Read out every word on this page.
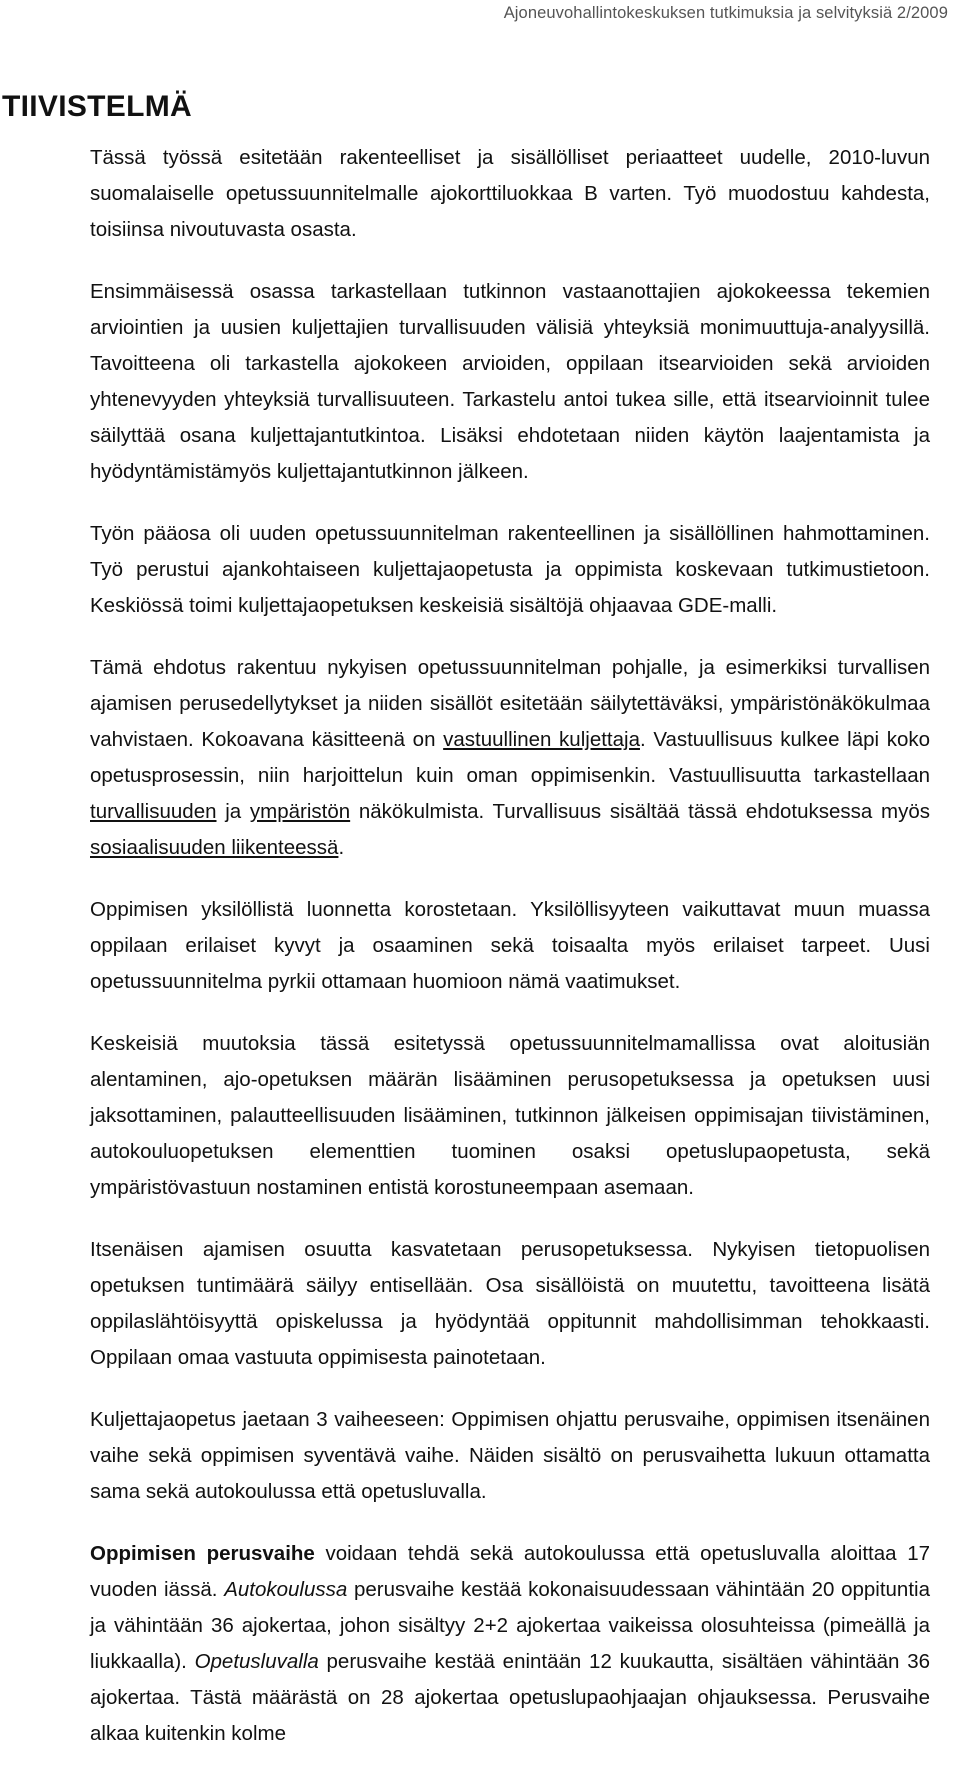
Ajoneuvohallintokeskuksen tutkimuksia ja selvityksiä 2/2009
TIIVISTELMÄ

Tässä työssä esitetään rakenteelliset ja sisällölliset periaatteet uudelle, 2010-luvun suomalaiselle opetussuunnitelmalle ajokorttiluokkaa B varten. Työ muodostuu kahdesta, toisiinsa nivoutuvasta osasta.

Ensimmäisessä osassa tarkastellaan tutkinnon vastaanottajien ajokokeessa tekemien arviointien ja uusien kuljettajien turvallisuuden välisiä yhteyksiä monimuuttuja-analyysillä. Tavoitteena oli tarkastella ajokokeen arvioiden, oppilaan itsearvioiden sekä arvioiden yhtenevyyden yhteyksiä turvallisuuteen. Tarkastelu antoi tukea sille, että itsearvioinnit tulee säilyttää osana kuljettajantutkintoa. Lisäksi ehdotetaan niiden käytön laajentamista ja hyödyntämistämyös kuljettajantutkinnon jälkeen.

Työn pääosa oli uuden opetussuunnitelman rakenteellinen ja sisällöllinen hahmottaminen. Työ perustui ajankohtaiseen kuljettajaopetusta ja oppimista koskevaan tutkimustietoon. Keskiössä toimi kuljettajaopetuksen keskeisiä sisältöjä ohjaavaa GDE-malli.

Tämä ehdotus rakentuu nykyisen opetussuunnitelman pohjalle, ja esimerkiksi turvallisen ajamisen perusedellytykset ja niiden sisällöt esitetään säilytettäväksi, ympäristönäkökulmaa vahvistaen. Kokoavana käsitteenä on vastuullinen kuljettaja. Vastuullisuus kulkee läpi koko opetusprosessin, niin harjoittelun kuin oman oppimisenkin. Vastuullisuutta tarkastellaan turvallisuuden ja ympäristön näkökulmista. Turvallisuus sisältää tässä ehdotuksessa myös sosiaalisuuden liikenteessä.

Oppimisen yksilöllistä luonnetta korostetaan. Yksilöllisyyteen vaikuttavat muun muassa oppilaan erilaiset kyvyt ja osaaminen sekä toisaalta myös erilaiset tarpeet. Uusi opetussuunnitelma pyrkii ottamaan huomioon nämä vaatimukset.

Keskeisiä muutoksia tässä esitetyssä opetussuunnitelmamallissa ovat aloitusiän alentaminen, ajo-opetuksen määrän lisääminen perusopetuksessa ja opetuksen uusi jaksottaminen, palautteellisuuden lisääminen, tutkinnon jälkeisen oppimisajan tiivistäminen, autokouluopetuksen elementtien tuominen osaksi opetuslupaopetusta, sekä ympäristövastuun nostaminen entistä korostuneempaan asemaan.

Itsenäisen ajamisen osuutta kasvatetaan perusopetuksessa. Nykyisen tietopuolisen opetuksen tuntimäärä säilyy entisellään. Osa sisällöistä on muutettu, tavoitteena lisätä oppilaslähtöisyyttä opiskelussa ja hyödyntää oppitunnit mahdollisimman tehokkaasti. Oppilaan omaa vastuuta oppimisesta painotetaan.

Kuljettajaopetus jaetaan 3 vaiheeseen: Oppimisen ohjattu perusvaihe, oppimisen itsenäinen vaihe sekä oppimisen syventävä vaihe. Näiden sisältö on perusvaihetta lukuun ottamatta sama sekä autokoulussa että opetusluvalla.

Oppimisen perusvaihe voidaan tehdä sekä autokoulussa että opetusluvalla aloittaa 17 vuoden iässä. Autokoulussa perusvaihe kestää kokonaisuudessaan vähintään 20 oppituntia ja vähintään 36 ajokertaa, johon sisältyy 2+2 ajokertaa vaikeissa olosuhteissa (pimeällä ja liukkaalla). Opetusluvalla perusvaihe kestää enintään 12 kuukautta, sisältäen vähintään 36 ajokertaa. Tästä määrästä on 28 ajokertaa opetuslupaohjaajan ohjauksessa. Perusvaihe alkaa kuitenkin kolme
